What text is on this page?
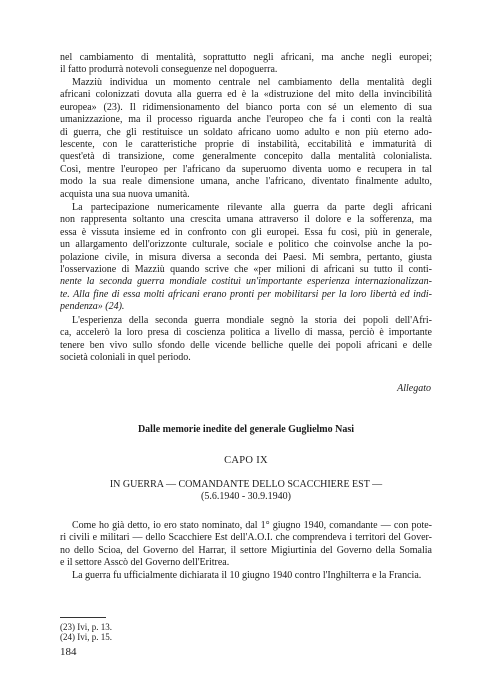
nel cambiamento di mentalità, soprattutto negli africani, ma anche negli europei;
il fatto produrrà notevoli conseguenze nel dopoguerra.
Mazziù individua un momento centrale nel cambiamento della mentalità degli
africani colonizzati dovuta alla guerra ed è la «distruzione del mito della invincibilità
europea» (23). Il ridimensionamento del bianco porta con sé un elemento di sua
umanizzazione, ma il processo riguarda anche l'europeo che fa i conti con la realtà
di guerra, che gli restituisce un soldato africano uomo adulto e non più eterno ado-
lescente, con le caratteristiche proprie di instabilità, eccitabilità e immaturità di
quest'età di transizione, come generalmente concepito dalla mentalità colonialista.
Così, mentre l'europeo per l'africano da superuomo diventa uomo e recupera in tal
modo la sua reale dimensione umana, anche l'africano, diventato finalmente adulto,
acquista una sua nuova umanità.
La partecipazione numericamente rilevante alla guerra da parte degli africani
non rappresenta soltanto una crescita umana attraverso il dolore e la sofferenza, ma
essa è vissuta insieme ed in confronto con gli europei. Essa fu così, più in generale,
un allargamento dell'orizzonte culturale, sociale e politico che coinvolse anche la po-
polazione civile, in misura diversa a seconda dei Paesi. Mi sembra, pertanto, giusta
l'osservazione di Mazziù quando scrive che «per milioni di africani su tutto il conti-
nente la seconda guerra mondiale costituì un'importante esperienza internazionalizzan-
te. Alla fine di essa molti africani erano pronti per mobilitarsi per la loro libertà ed indi-
pendenza» (24).
L'esperienza della seconda guerra mondiale segnò la storia dei popoli dell'Afri-
ca, accelerò la loro presa di coscienza politica a livello di massa, perciò è importante
tenere ben vivo sullo sfondo delle vicende belliche quelle dei popoli africani e delle
società coloniali in quel periodo.
Allegato
Dalle memorie inedite del generale Guglielmo Nasi
CAPO IX
IN GUERRA — COMANDANTE DELLO SCACCHIERE EST —
(5.6.1940 - 30.9.1940)
Come ho già detto, io ero stato nominato, dal 1° giugno 1940, comandante — con pote-
ri civili e militari — dello Scacchiere Est dell'A.O.I. che comprendeva i territori del Gover-
no dello Scioa, del Governo del Harrar, il settore Migiurtinia del Governo della Somalia
e il settore Asscò del Governo dell'Eritrea.
La guerra fu ufficialmente dichiarata il 10 giugno 1940 contro l'Inghilterra e la Francia.
(23) Ivi, p. 13.
(24) Ivi, p. 15.
184
